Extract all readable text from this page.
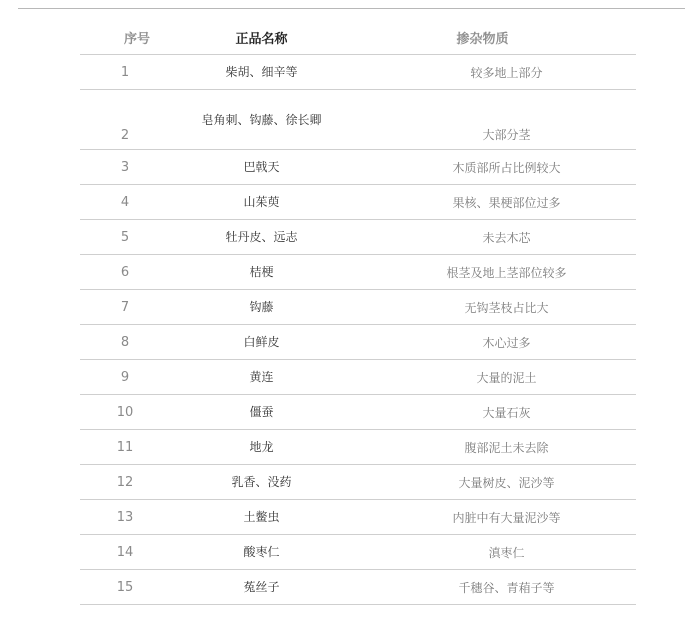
序号	正品名称	掺杂物质
1	柴胡、细辛等	较多地上部分
2	皂角刺、钩藤、徐长卿	大部分茎
3	巴戟天	木质部所占比例较大
4	山茱萸	果核、果梗部位过多
5	牡丹皮、远志	未去木芯
6	桔梗	根茎及地上茎部位较多
7	钩藤	无钩茎枝占比大
8	白鲜皮	木心过多
9	黄连	大量的泥土
10	僵蚕	大量石灰
11	地龙	腹部泥土未去除
12	乳香、没药	大量树皮、泥沙等
13	土鳖虫	内脏中有大量泥沙等
14	酸枣仁	滇枣仁
15	菟丝子	千穗谷、青葙子等
